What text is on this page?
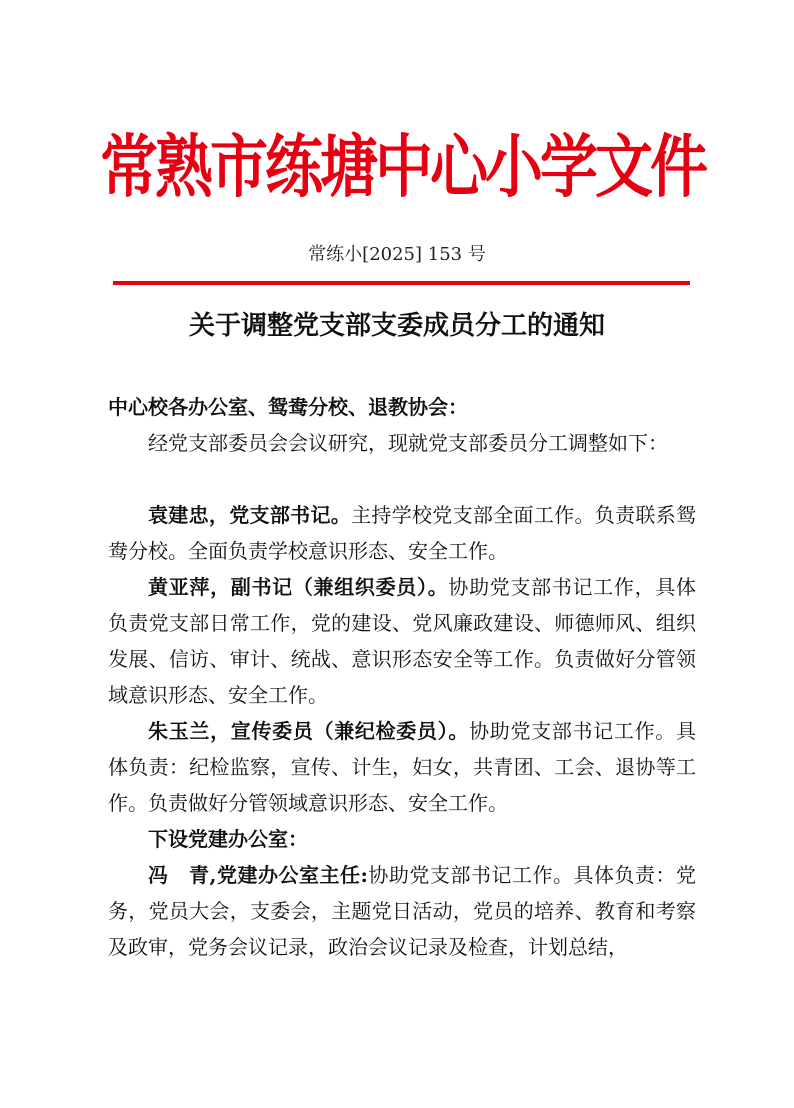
常熟市练塘中心小学文件
常练小[2025] 153 号
关于调整党支部支委成员分工的通知

中心校各办公室、鸳鸯分校、退教协会：

经党支部委员会会议研究，现就党支部委员分工调整如下：

袁建忠，党支部书记。主持学校党支部全面工作。负责联系鸳鸯分校。全面负责学校意识形态、安全工作。

黄亚萍，副书记（兼组织委员）。协助党支部书记工作，具体负责党支部日常工作，党的建设、党风廉政建设、师德师风、组织发展、信访、审计、统战、意识形态安全等工作。负责做好分管领域意识形态、安全工作。

朱玉兰，宣传委员（兼纪检委员）。协助党支部书记工作。具体负责：纪检监察，宣传、计生，妇女，共青团、工会、退协等工作。负责做好分管领域意识形态、安全工作。

下设党建办公室：

冯 青,党建办公室主任:协助党支部书记工作。具体负责：党务，党员大会，支委会，主题党日活动，党员的培养、教育和考察及政审，党务会议记录，政治会议记录及检查，计划总结，
